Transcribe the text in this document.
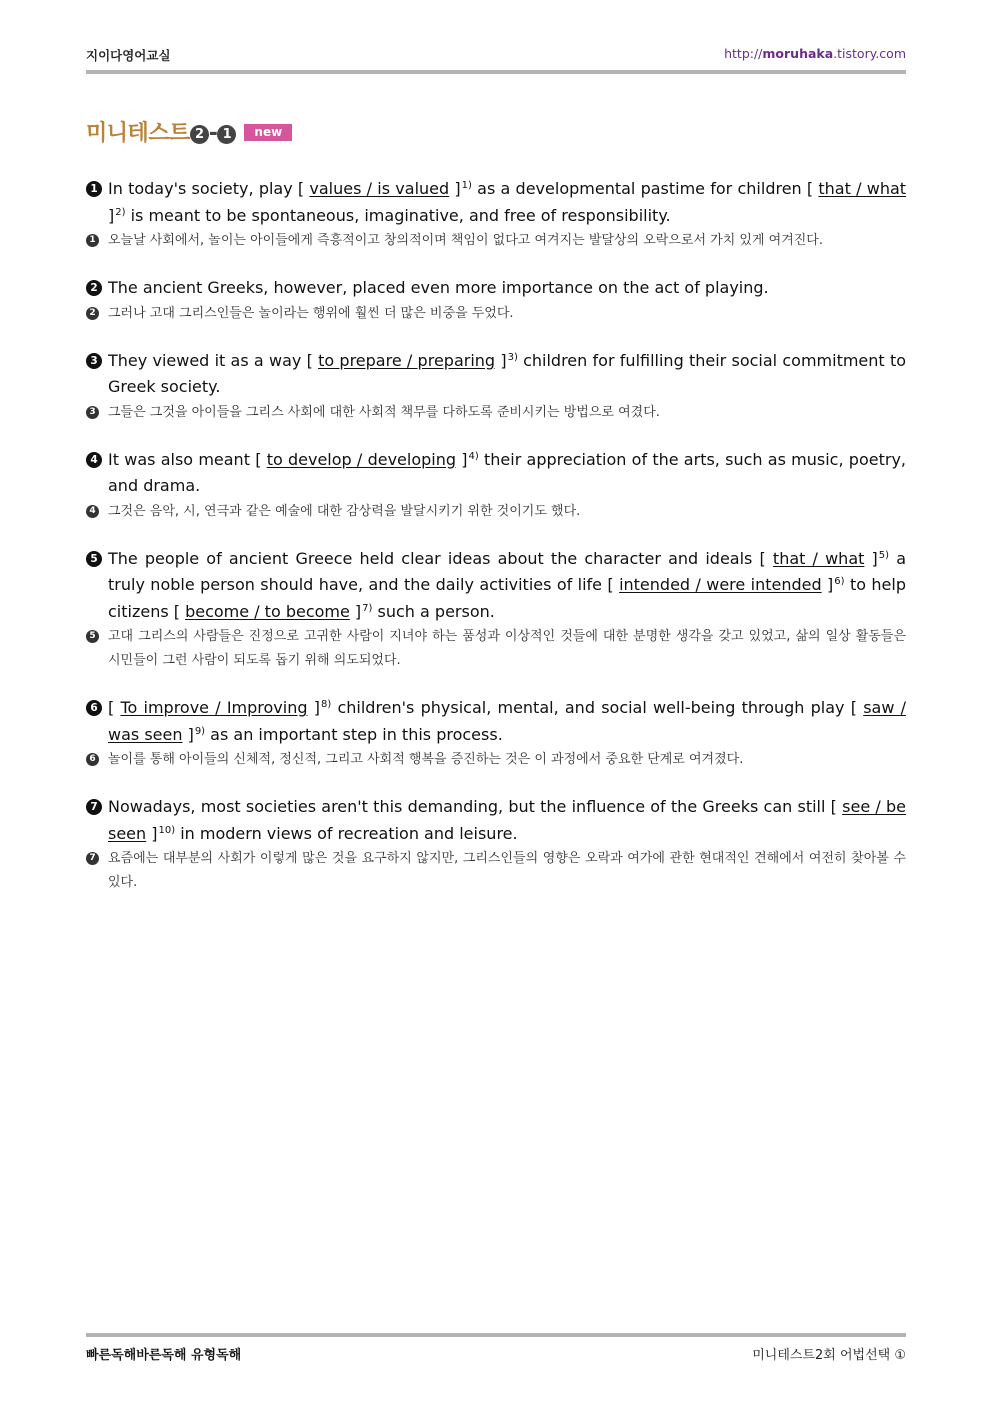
지이다영어교실	http://moruhaka.tistory.com
미니테스트 2 - 1 new
1 In today's society, play [ values / is valued ]$^{1)}$ as a developmental pastime for children [ that / what ]$^{2)}$ is meant to be spontaneous, imaginative, and free of responsibility.
1 오늘날 사회에서, 놀이는 아이들에게 즉흥적이고 창의적이며 책임이 없다고 여겨지는 발달상의 오락으로서 가치 있게 여겨진다.
2 The ancient Greeks, however, placed even more importance on the act of playing.
2 그러나 고대 그리스인들은 놀이라는 행위에 훨씬 더 많은 비중을 두었다.
3 They viewed it as a way [ to prepare / preparing ]$^{3)}$ children for fulfilling their social commitment to Greek society.
3 그들은 그것을 아이들을 그리스 사회에 대한 사회적 책무를 다하도록 준비시키는 방법으로 여겼다.
4 It was also meant [ to develop / developing ]$^{4)}$ their appreciation of the arts, such as music, poetry, and drama.
4 그것은 음악, 시, 연극과 같은 예술에 대한 감상력을 발달시키기 위한 것이기도 했다.
5 The people of ancient Greece held clear ideas about the character and ideals [ that / what ]$^{5)}$ a truly noble person should have, and the daily activities of life [ intended / were intended ]$^{6)}$ to help citizens [ become / to become ]$^{7)}$ such a person.
5 고대 그리스의 사람들은 진정으로 고귀한 사람이 지녀야 하는 품성과 이상적인 것들에 대한 분명한 생각을 갖고 있었고, 삶의 일상 활동들은 시민들이 그런 사람이 되도록 돕기 위해 의도되었다.
6 [ To improve / Improving ]$^{8)}$ children's physical, mental, and social well-being through play [ saw / was seen ]$^{9)}$ as an important step in this process.
6 놀이를 통해 아이들의 신체적, 정신적, 그리고 사회적 행복을 증진하는 것은 이 과정에서 중요한 단계로 여겨졌다.
7 Nowadays, most societies aren't this demanding, but the influence of the Greeks can still [ see / be seen ]$^{10)}$ in modern views of recreation and leisure.
7 요즘에는 대부분의 사회가 이렇게 많은 것을 요구하지 않지만, 그리스인들의 영향은 오락과 여가에 관한 현대적인 견해에서 여전히 찾아볼 수 있다.
빠른독해바른독해 유형독해	미니테스트2회 어법선택 ①
